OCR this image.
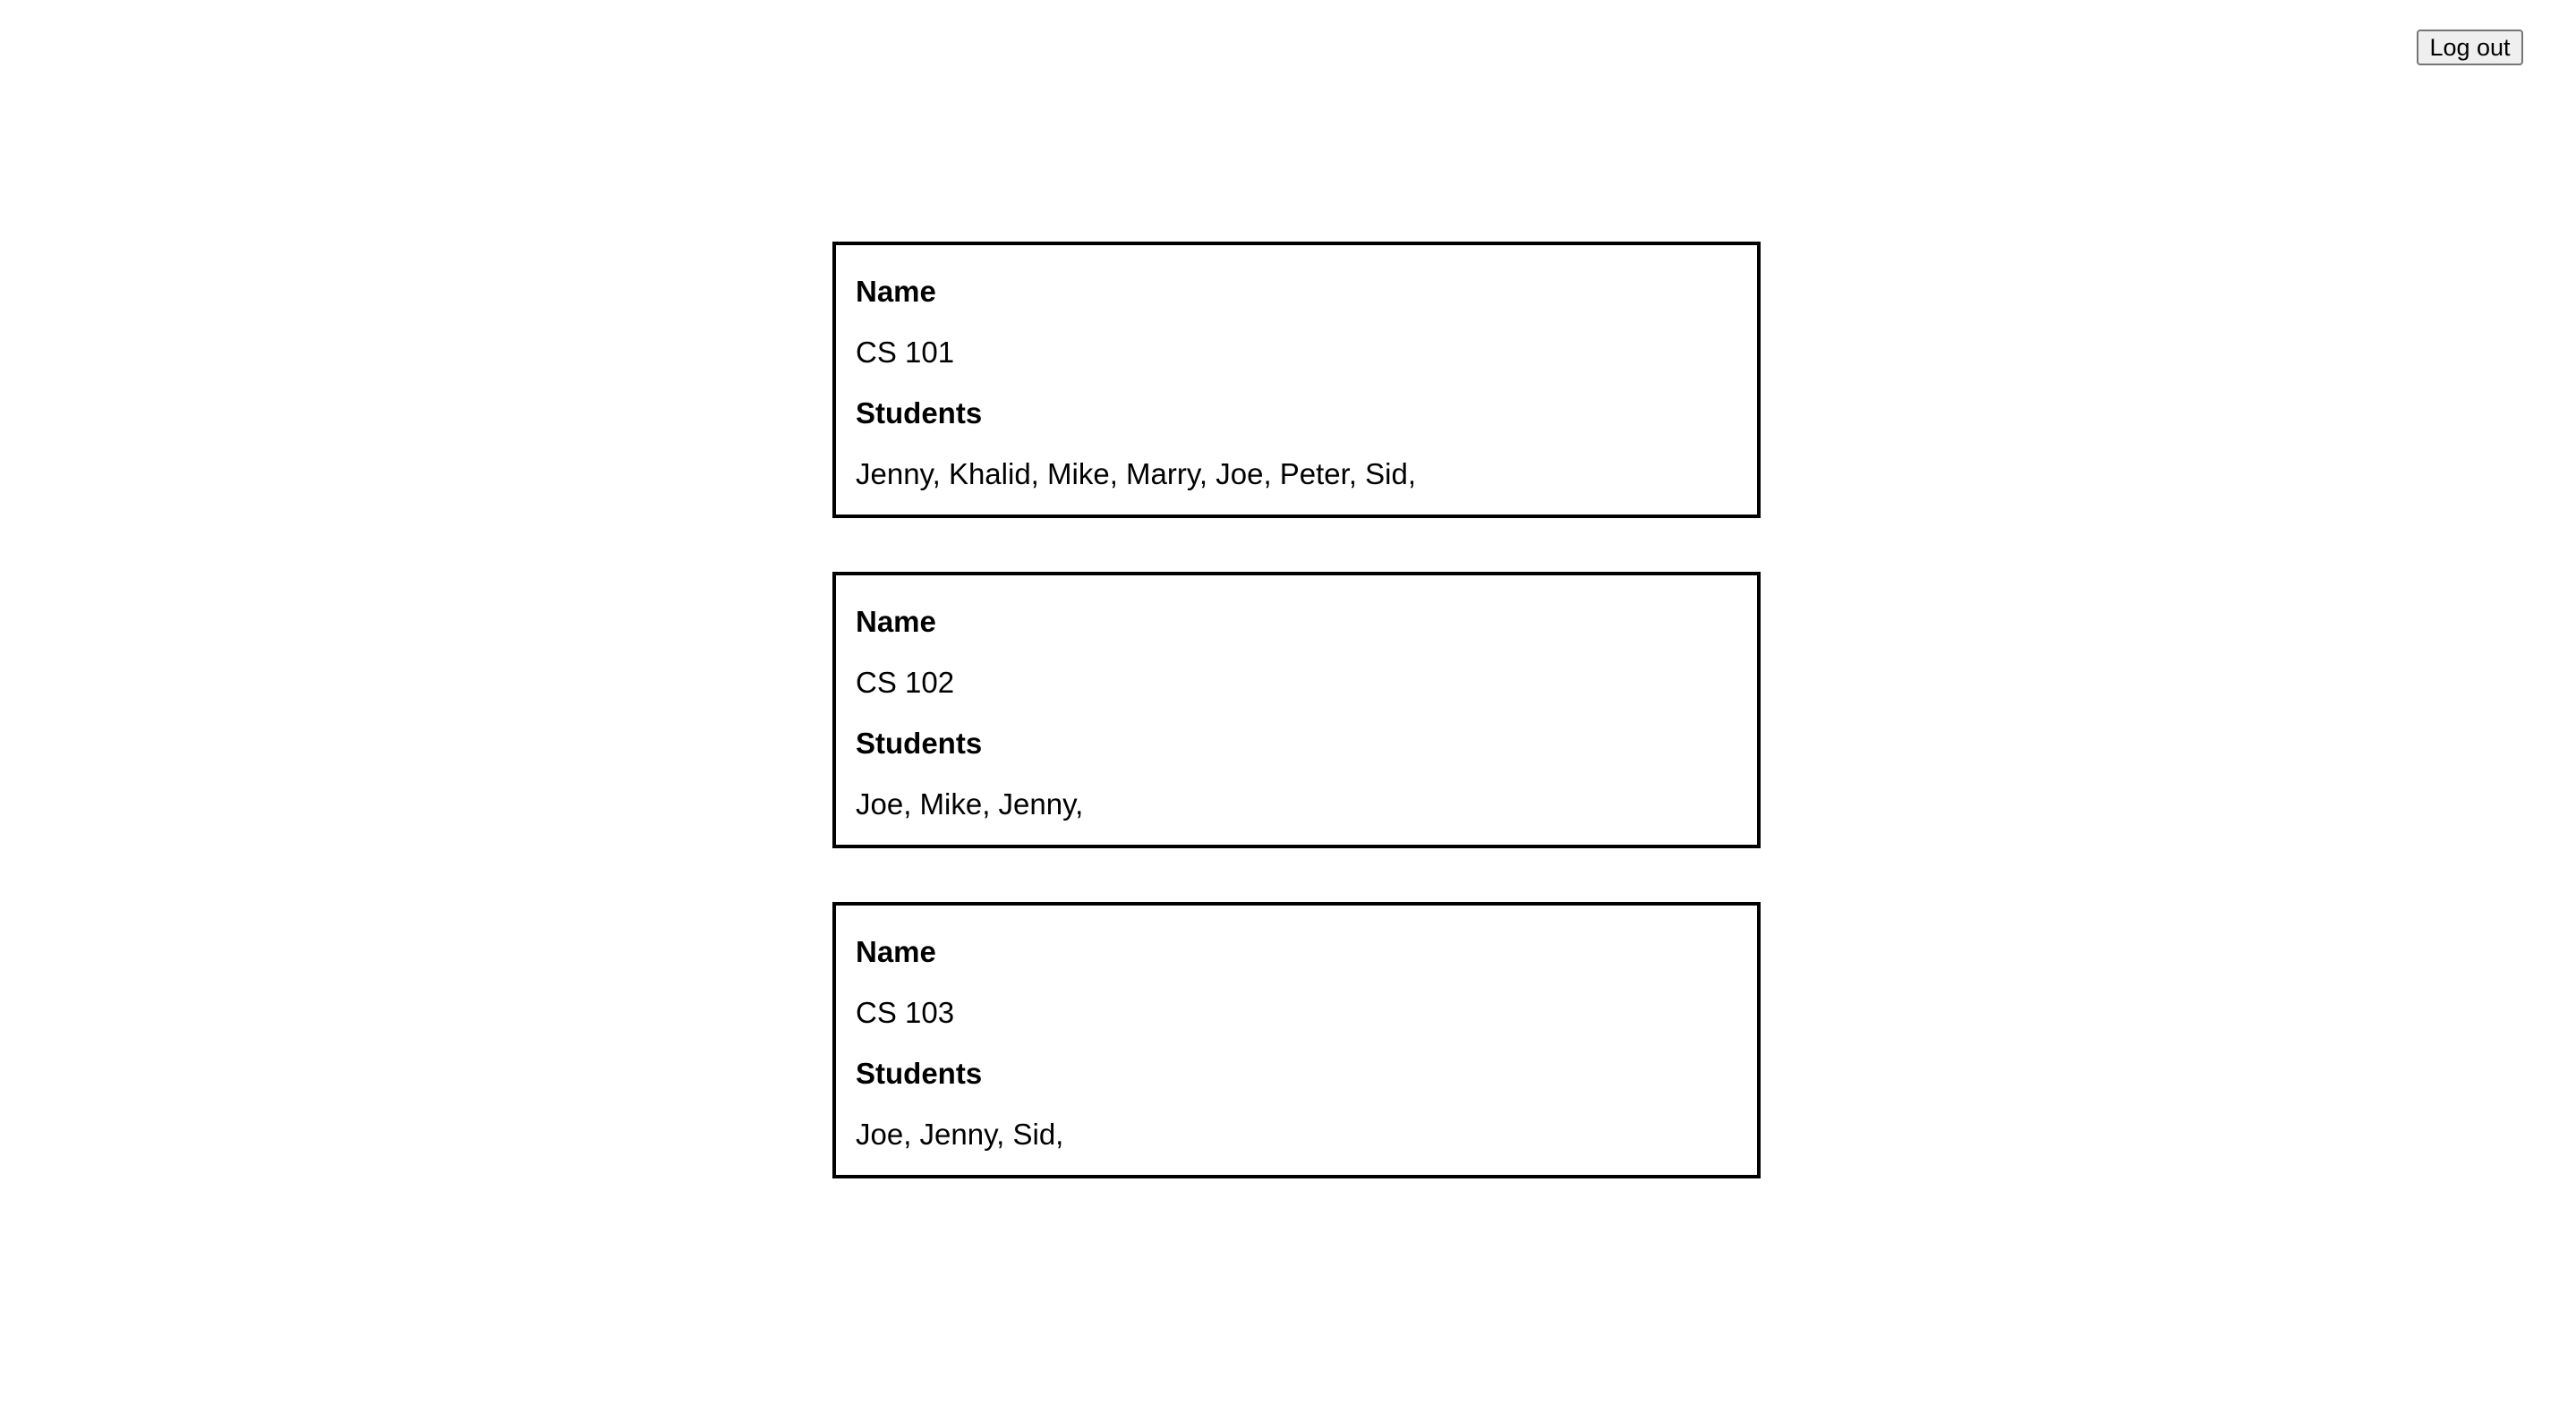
Log out
Name
CS 101
Students
Jenny, Khalid, Mike, Marry, Joe, Peter, Sid,
Name
CS 102
Students
Joe, Mike, Jenny,
Name
CS 103
Students
Joe, Jenny, Sid,
